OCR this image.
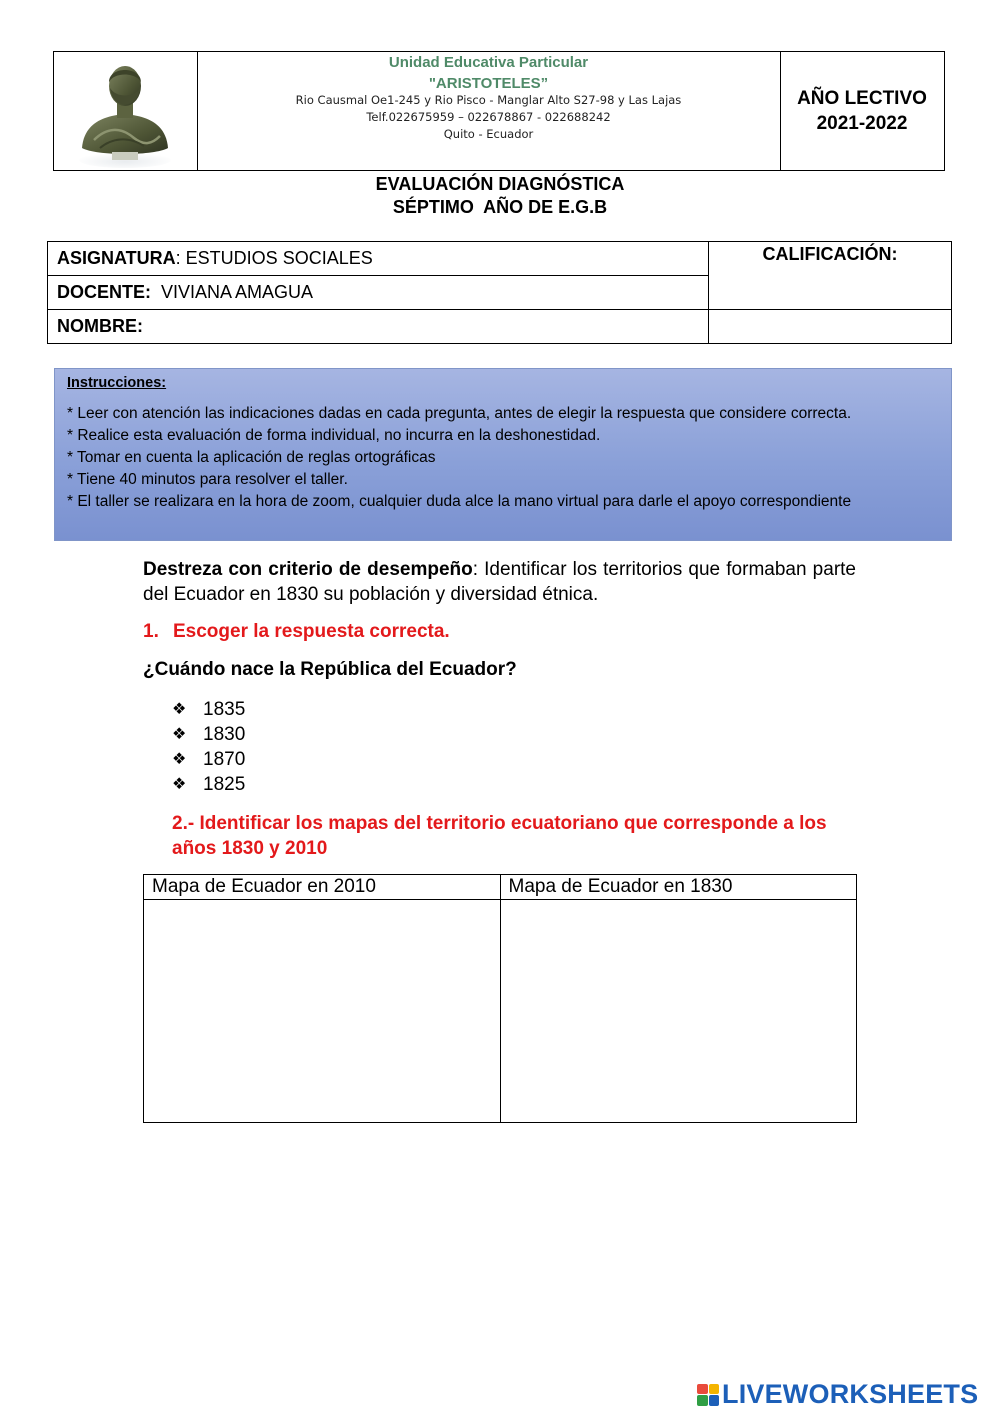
Unidad Educativa Particular
"ARISTOTELES”
Rio Causmal Oe1-245 y Rio Pisco - Manglar Alto S27-98 y Las Lajas
Telf.022675959 – 022678867 - 022688242
Quito - Ecuador
AÑO LECTIVO
2021-2022
EVALUACIÓN DIAGNÓSTICA
SÉPTIMO  AÑO DE E.G.B
ASIGNATURA: ESTUDIOS SOCIALES	CALIFICACIÓN:
DOCENTE:  VIVIANA AMAGUA	
NOMBRE:	
Instrucciones:
* Leer con atención las indicaciones dadas en cada pregunta, antes de elegir la respuesta que considere correcta.
* Realice esta evaluación de forma individual, no incurra en la deshonestidad.
* Tomar en cuenta la aplicación de reglas ortográficas
* Tiene 40 minutos para resolver el taller.
* El taller se realizara en la hora de zoom, cualquier duda alce la mano virtual para darle el apoyo correspondiente
Destreza con criterio de desempeño: Identificar los territorios que formaban parte del Ecuador en 1830 su población y diversidad étnica.
1. Escoger la respuesta correcta.
¿Cuándo nace la República del Ecuador?
❖ 1835
❖ 1830
❖ 1870
❖ 1825
2.- Identificar los mapas del territorio ecuatoriano que corresponde a los años 1830 y 2010
Mapa de Ecuador en 2010	Mapa de Ecuador en 1830

LIVEWORKSHEETS
